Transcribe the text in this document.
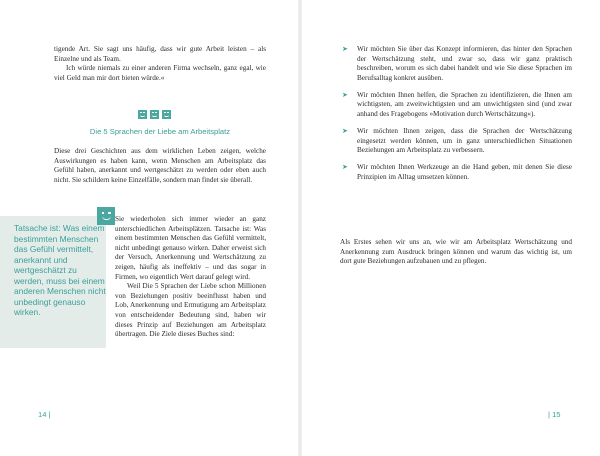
tigende Art. Sie sagt uns häufig, dass wir gute Arbeit leisten – als Einzelne und als Team.

Ich würde niemals zu einer anderen Firma wechseln, ganz egal, wie viel Geld man mir dort bieten würde.«

Die 5 Sprachen der Liebe am Arbeitsplatz

Diese drei Geschichten aus dem wirklichen Leben zeigen, welche Auswirkungen es haben kann, wenn Menschen am Arbeitsplatz das Gefühl haben, anerkannt und wertgeschätzt zu werden oder eben auch nicht. Sie schildern keine Einzelfälle, sondern man findet sie überall.

Sie wiederholen sich immer wieder an ganz unterschiedlichen Arbeitsplätzen. Tatsache ist: Was einem bestimmten Menschen das Gefühl vermittelt, nicht unbedingt genauso wirken. Daher erweist sich der Versuch, Anerkennung und Wertschätzung zu zeigen, häufig als ineffektiv – und das sogar in Firmen, wo eigentlich Wert darauf gelegt wird.

Weil Die 5 Sprachen der Liebe schon Millionen von Beziehungen positiv beeinflusst haben und Lob, Anerkennung und Ermutigung am Arbeitsplatz von entscheidender Bedeutung sind, haben wir dieses Prinzip auf Beziehungen am Arbeitsplatz übertragen. Die Ziele dieses Buches sind:

Tatsache ist: Was einem bestimmten Menschen das Gefühl vermittelt, anerkannt und wertgeschätzt zu werden, muss bei einem anderen Menschen nicht unbedingt genauso wirken.
14 |
➤ Wir möchten Sie über das Konzept informieren, das hinter den Sprachen der Wertschätzung steht, und zwar so, dass wir ganz praktisch beschreiben, worum es sich dabei handelt und wie Sie diese Sprachen im Berufsalltag konkret ausüben.

➤ Wir möchten Ihnen helfen, die Sprachen zu identifizieren, die Ihnen am wichtigsten, am zweitwichtigsten und am unwichtigsten sind (und zwar anhand des Fragebogens »Motivation durch Wertschätzung«).

➤ Wir möchten Ihnen zeigen, dass die Sprachen der Wertschätzung eingesetzt werden können, um in ganz unterschiedlichen Situationen Beziehungen am Arbeitsplatz zu verbessern.

➤ Wir möchten Ihnen Werkzeuge an die Hand geben, mit denen Sie diese Prinzipien im Alltag umsetzen können.

Als Erstes sehen wir uns an, wie wir am Arbeitsplatz Wertschätzung und Anerkennung zum Ausdruck bringen können und warum das wichtig ist, um dort gute Beziehungen aufzubauen und zu pflegen.

| 15
